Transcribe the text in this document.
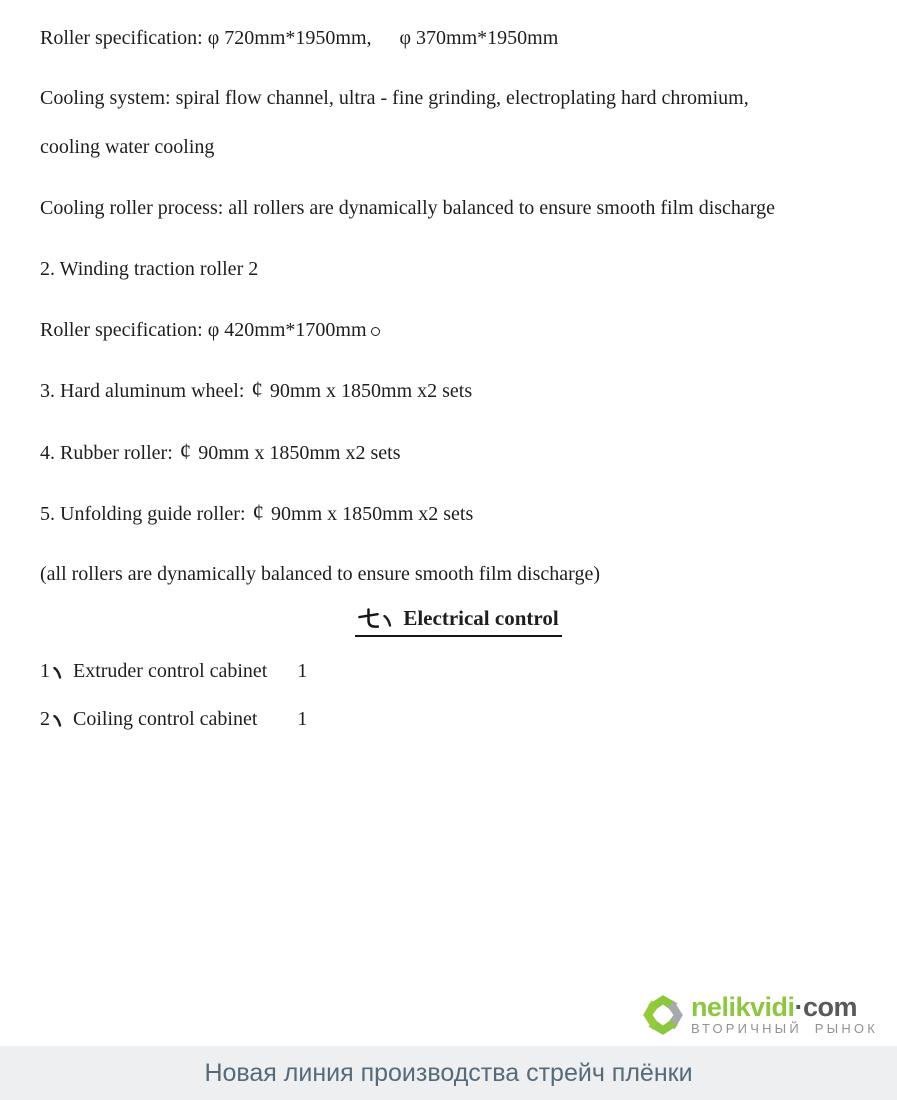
Roller specification: φ 720mm*1950mm,  φ 370mm*1950mm
Cooling system: spiral flow channel, ultra - fine grinding, electroplating hard chromium,
cooling water cooling
Cooling roller process: all rollers are dynamically balanced to ensure smooth film discharge
2. Winding traction roller 2
Roller specification: φ 420mm*1700mm
3. Hard aluminum wheel: ¢ 90mm x 1850mm x2 sets
4. Rubber roller: ¢ 90mm x 1850mm x2 sets
5. Unfolding guide roller: ¢ 90mm x 1850mm x2 sets
(all rollers are dynamically balanced to ensure smooth film discharge)
Electrical control
1 Extruder control cabinet      1
2 Coiling control cabinet        1
nelikvidi·com
ВТОРИЧНЫЙ РЫНОК
Новая линия производства стрейч плёнки
